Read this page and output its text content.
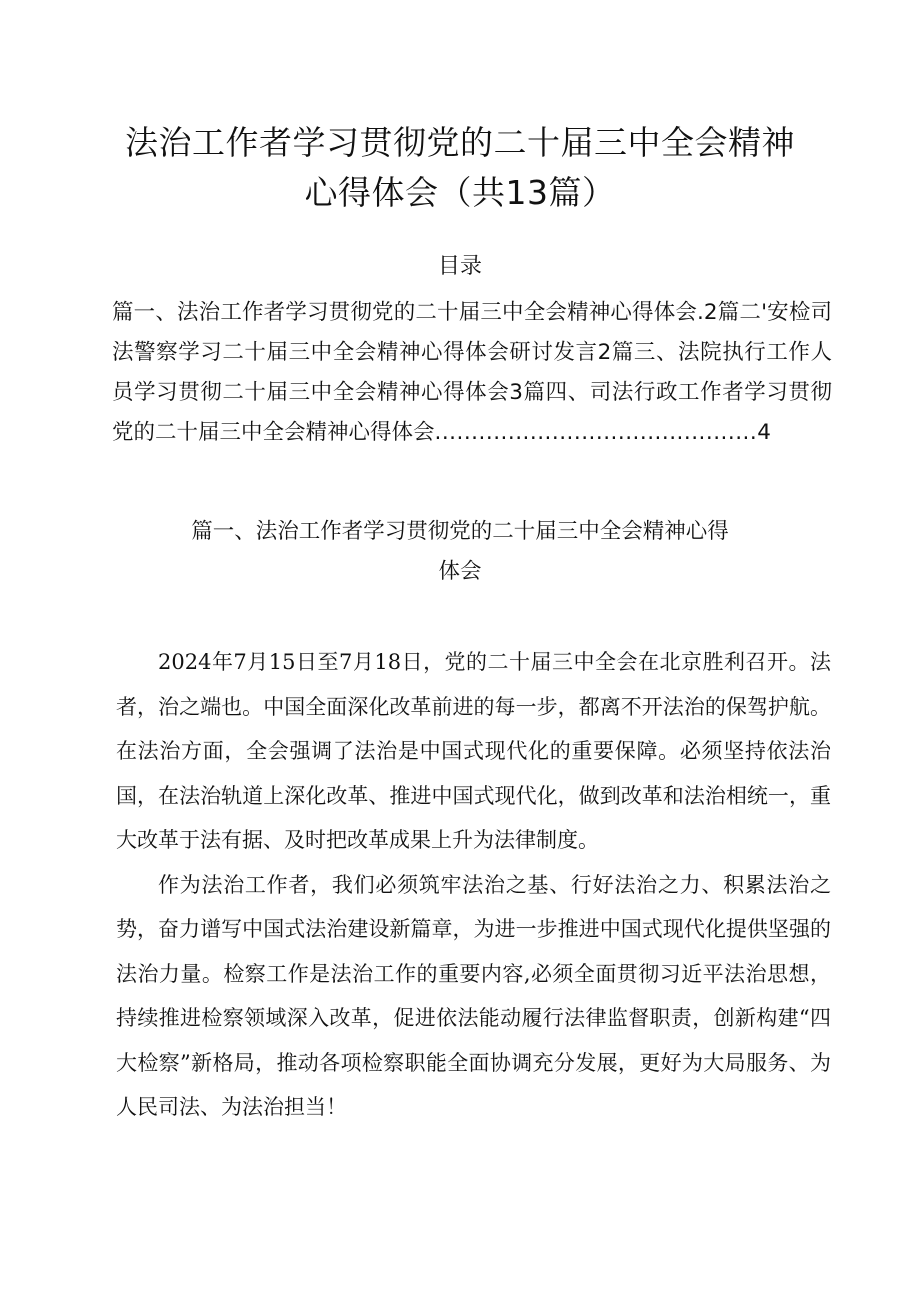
法治工作者学习贯彻党的二十届三中全会精神
心得体会（共13篇）
目录
篇一、法治工作者学习贯彻党的二十届三中全会精神心得体会.2篇二'安检司法警察学习二十届三中全会精神心得体会研讨发言2篇三、法院执行工作人员学习贯彻二十届三中全会精神心得体会3篇四、司法行政工作者学习贯彻党的二十届三中全会精神心得体会............................................4
篇一、法治工作者学习贯彻党的二十届三中全会精神心得
体会

2024年7月15日至7月18日，党的二十届三中全会在北京胜利召开。法者，治之端也。中国全面深化改革前进的每一步，都离不开法治的保驾护航。在法治方面，全会强调了法治是中国式现代化的重要保障。必须坚持依法治国，在法治轨道上深化改革、推进中国式现代化，做到改革和法治相统一，重大改革于法有据、及时把改革成果上升为法律制度。

作为法治工作者，我们必须筑牢法治之基、行好法治之力、积累法治之势，奋力谱写中国式法治建设新篇章，为进一步推进中国式现代化提供坚强的法治力量。检察工作是法治工作的重要内容,必须全面贯彻习近平法治思想，持续推进检察领域深入改革，促进依法能动履行法律监督职责，创新构建“四大检察”新格局，推动各项检察职能全面协调充分发展，更好为大局服务、为人民司法、为法治担当！
